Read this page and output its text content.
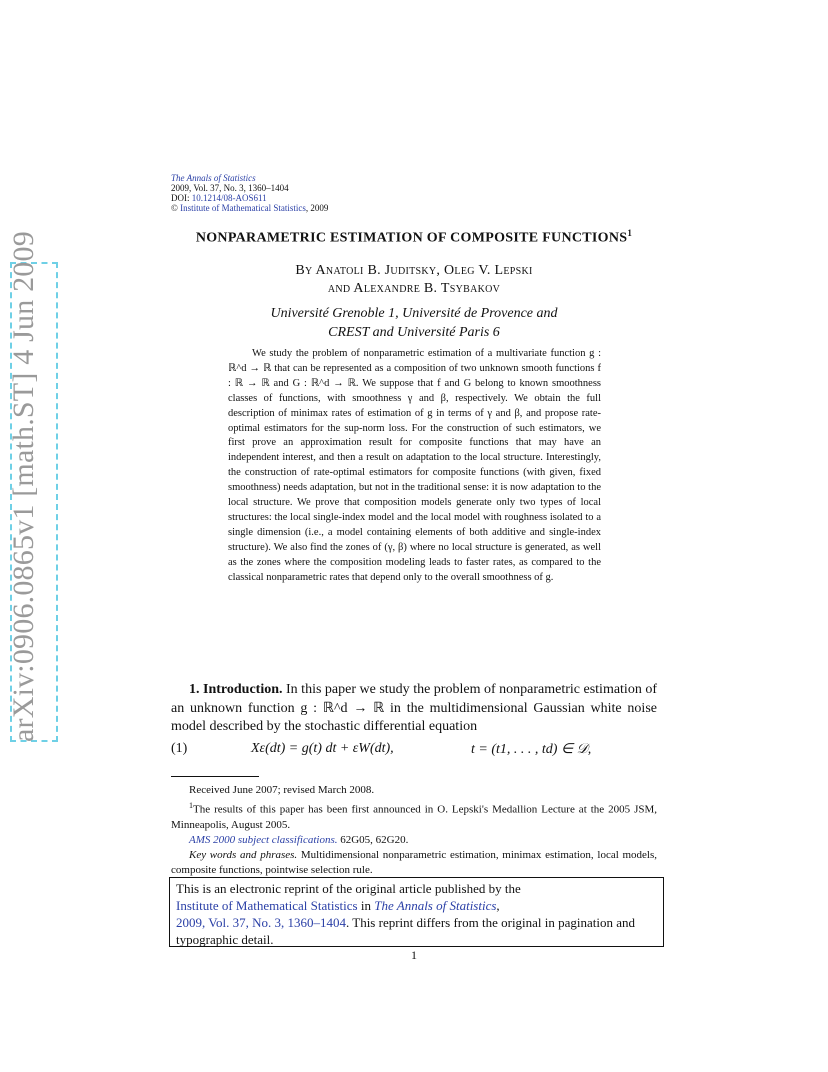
arXiv:0906.0865v1 [math.ST] 4 Jun 2009
The Annals of Statistics
2009, Vol. 37, No. 3, 1360–1404
DOI: 10.1214/08-AOS611
© Institute of Mathematical Statistics, 2009
NONPARAMETRIC ESTIMATION OF COMPOSITE FUNCTIONS$^1$
By Anatoli B. Juditsky, Oleg V. Lepski
and Alexandre B. Tsybakov
Université Grenoble 1, Université de Provence and
CREST and Université Paris 6
We study the problem of nonparametric estimation of a multivariate function g : ℝ^d → ℝ that can be represented as a composition of two unknown smooth functions f : ℝ → ℝ and G : ℝ^d → ℝ. We suppose that f and G belong to known smoothness classes of functions, with smoothness γ and β, respectively. We obtain the full description of minimax rates of estimation of g in terms of γ and β, and propose rate-optimal estimators for the sup-norm loss. For the construction of such estimators, we first prove an approximation result for composite functions that may have an independent interest, and then a result on adaptation to the local structure. Interestingly, the construction of rate-optimal estimators for composite functions (with given, fixed smoothness) needs adaptation, but not in the traditional sense: it is now adaptation to the local structure. We prove that composition models generate only two types of local structures: the local single-index model and the local model with roughness isolated to a single dimension (i.e., a model containing elements of both additive and single-index structure). We also find the zones of (γ, β) where no local structure is generated, as well as the zones where the composition modeling leads to faster rates, as compared to the classical nonparametric rates that depend only to the overall smoothness of g.
1. Introduction. In this paper we study the problem of nonparametric estimation of an unknown function g : ℝ^d → ℝ in the multidimensional Gaussian white noise model described by the stochastic differential equation
(1)	Xε(dt) = g(t) dt + εW(dt),	t = (t1, . . . , td) ∈ 𝒟,

Received June 2007; revised March 2008.

$^1$The results of this paper has been first announced in O. Lepski's Medallion Lecture at the 2005 JSM, Minneapolis, August 2005.

AMS 2000 subject classifications. 62G05, 62G20.

Key words and phrases. Multidimensional nonparametric estimation, minimax estimation, local models, composite functions, pointwise selection rule.

This is an electronic reprint of the original article published by the
Institute of Mathematical Statistics in The Annals of Statistics,
2009, Vol. 37, No. 3, 1360–1404. This reprint differs from the original in pagination and typographic detail.
1
